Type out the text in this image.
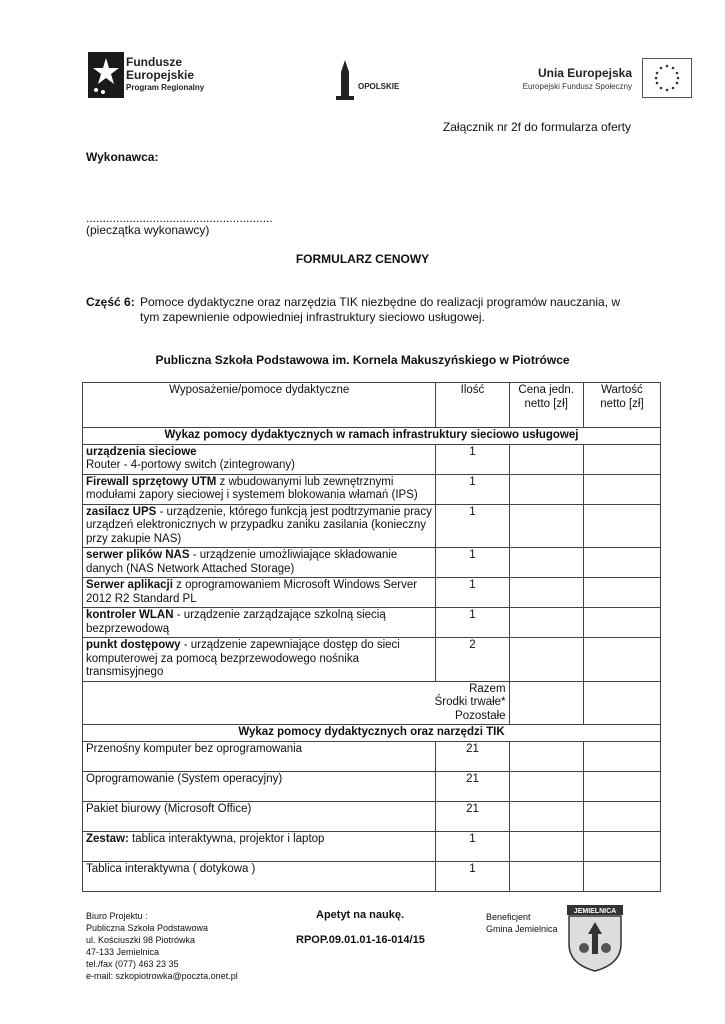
Fundusze
Europejskie
Program Regionalny	OPOLSKIE
Unia Europejska
Europejski Fundusz Społeczny
Załącznik nr 2f do formularza oferty
Wykonawca:
........................................................
(pieczątka wykonawcy)
FORMULARZ CENOWY
Część 6: Pomoce dydaktyczne oraz narzędzia TIK niezbędne do realizacji programów nauczania, w tym zapewnienie odpowiedniej infrastruktury sieciowo usługowej.
Publiczna Szkoła Podstawowa im. Kornela Makuszyńskiego w Piotrówce
Wyposażenie/pomoce dydaktyczne	Ilość	Cena jedn. netto [zł]	Wartość netto [zł]
Wykaz pomocy dydaktycznych w ramach infrastruktury sieciowo usługowej			
urządzenia sieciowe
Router - 4-portowy switch (zintegrowany)	1		
Firewall sprzętowy UTM z wbudowanymi lub zewnętrznymi modułami zapory sieciowej i systemem blokowania włamań (IPS)	1		
zasilacz UPS - urządzenie, którego funkcją jest podtrzymanie pracy urządzeń elektronicznych w przypadku zaniku zasilania (konieczny przy zakupie NAS)	1		
serwer plików NAS - urządzenie umożliwiające składowanie danych (NAS Network Attached Storage)	1		
Serwer aplikacji z oprogramowaniem Microsoft Windows Server 2012 R2 Standard PL	1		
kontroler WLAN - urządzenie zarządzające szkolną siecią bezprzewodową	1		
punkt dostępowy - urządzenie zapewniające dostęp do sieci komputerowej za pomocą bezprzewodowego nośnika transmisyjnego	2		

Razem
Środki trwałe*
Pozostałe			

Wykaz pomocy dydaktycznych oraz narzędzi TIK			
Przenośny komputer bez oprogramowania	21		
Oprogramowanie (System operacyjny)	21		
Pakiet biurowy (Microsoft Office)	21		
Zestaw: tablica interaktywna, projektor i laptop	1		
Tablica interaktywna ( dotykowa )	1		
Biuro Projektu :
Publiczna Szkoła Podstawowa
ul. Kościuszki 98 Piotrówka
47-133 Jemielnica
tel./fax (077) 463 23 35
e-mail: szkopiotrowka@poczta.onet.pl
Apetyt na naukę.
RPOP.09.01.01-16-014/15
Beneficjent
Gmina Jemielnica
JEMIELNICA
